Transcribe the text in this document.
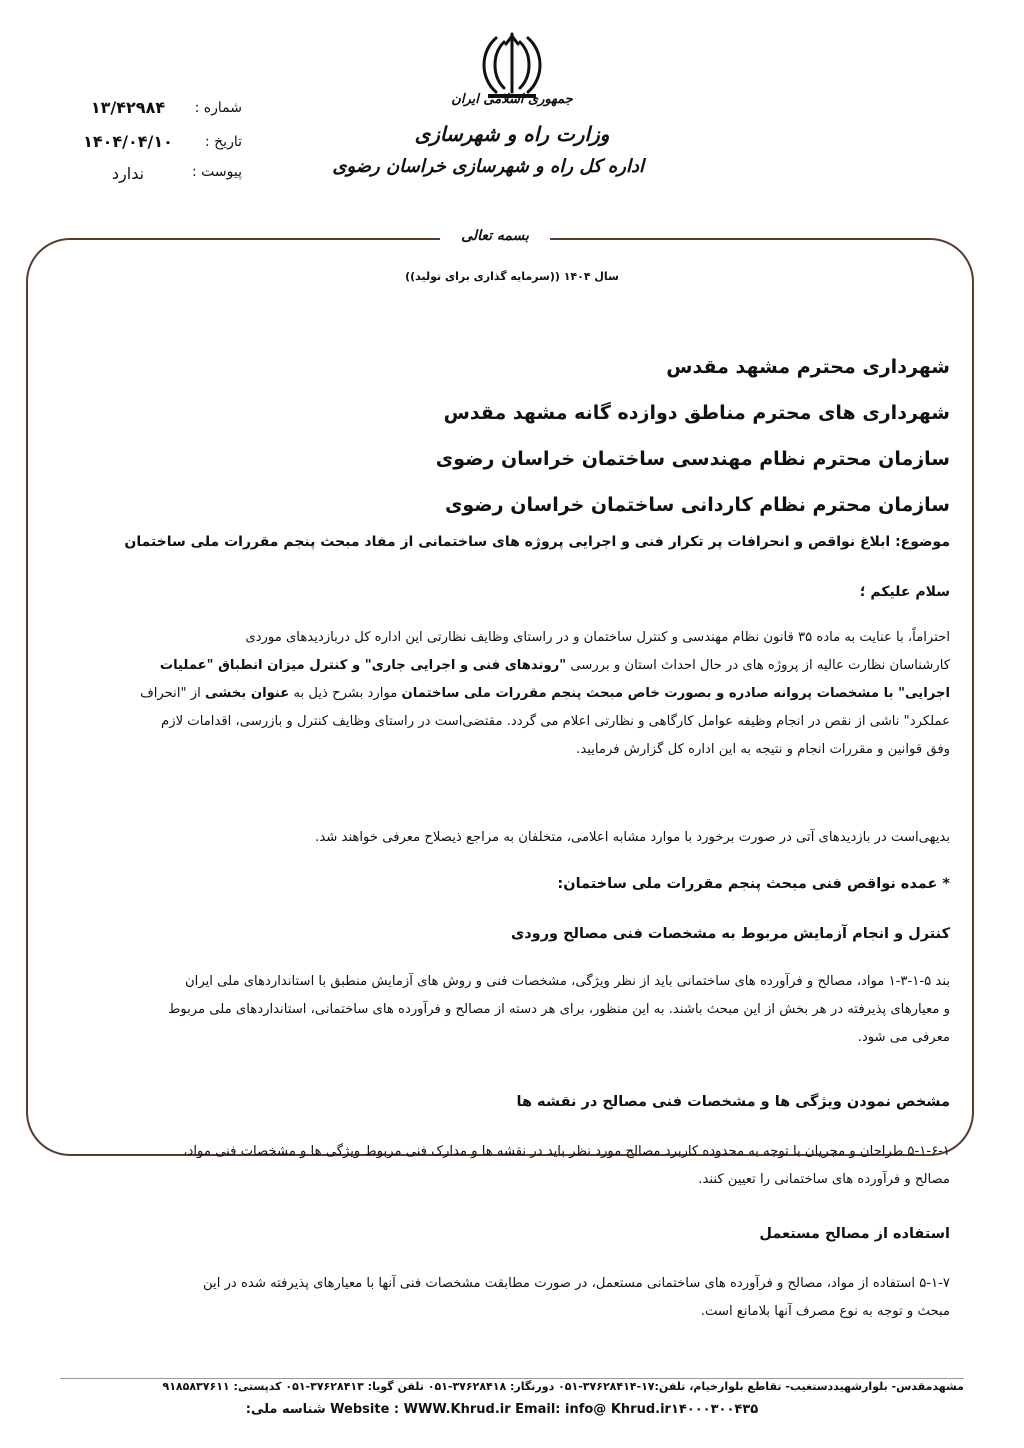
جمهوری اسلامی ایران
وزارت راه و شهرسازی
اداره کل راه و شهرسازی خراسان رضوی
شماره :
۱۳/۴۲۹۸۴
تاریخ :
۱۴۰۴/۰۴/۱۰
پیوست :
ندارد
بسمه تعالی
سال ۱۴۰۴ ((سرمایه گذاری برای تولید))
شهرداری محترم مشهد مقدس
شهرداری های محترم مناطق دوازده گانه مشهد مقدس
سازمان محترم نظام مهندسی ساختمان خراسان رضوی
سازمان محترم نظام کاردانی ساختمان خراسان رضوی
موضوع: ابلاغ نواقص و انحرافات پر تکرار فنی و اجرایی پروژه های ساختمانی از مفاد مبحث پنجم مقررات ملی ساختمان
سلام علیکم ؛
احتراماً، با عنایت به ماده ۳۵ قانون نظام مهندسی و کنترل ساختمان و در راستای وظایف نظارتی این اداره کل دربازدیدهای موردی
کارشناسان نظارت عالیه از پروژه های در حال احداث استان و بررسی "روندهای فنی و اجرایی جاری" و کنترل میزان انطباق "عملیات
اجرایی" با مشخصات پروانه صادره و بصورت خاص مبحث پنجم مقررات ملی ساختمان موارد بشرح ذیل به عنوان بخشی از "انحراف
عملکرد" ناشی از نقص در انجام وظیفه عوامل کارگاهی و نظارتی اعلام می گردد. مقتضی‌است در راستای وظایف کنترل و بازرسی، اقدامات لازم
وفق قوانین و مقررات انجام و نتیجه به این اداره کل گزارش فرمایید.
بدیهی‌است در بازدیدهای آتی در صورت برخورد با موارد مشابه اعلامی، متخلفان به مراجع ذیصلاح معرفی خواهند شد.
* عمده نواقص فنی مبحث پنجم مقررات ملی ساختمان:
کنترل و انجام آزمایش مربوط به مشخصات فنی مصالح ورودی
بند ۵-۱-۳-۱ مواد، مصالح و فرآورده های ساختمانی باید از نظر ویژگی، مشخصات فنی و روش های آزمایش منطبق با استانداردهای ملی ایران
و معیارهای پذیرفته در هر بخش از این مبحث باشند. به این منظور، برای هر دسته از مصالح و فرآورده های ساختمانی، استانداردهای ملی مربوط
معرفی می شود.
مشخص نمودن ویژگی ها و مشخصات فنی مصالح در نقشه ها
۵-۱-۶-۱ طراحان و مجریان با توجه به محدوده کاربرد مصالح مورد نظر باید در نقشه ها و مدارک فنی مربوط ویژگی ها و مشخصات فنی مواد،
مصالح و فرآورده های ساختمانی را تعیین کنند.
استفاده از مصالح مستعمل
۵-۱-۷ استفاده از مواد، مصالح و فرآورده های ساختمانی مستعمل، در صورت مطابقت مشخصات فنی آنها با معیارهای پذیرفته شده در این
مبحث و توجه به نوع مصرف آنها بلامانع است.
مشهدمقدس- بلوارشهیددستغیب- تقاطع بلوارخیام، تلفن:۱۷-۳۷۶۲۸۴۱۴-۰۵۱ دورنگار: ۳۷۶۲۸۴۱۸-۰۵۱ تلفن گویا: ۳۷۶۲۸۴۱۳-۰۵۱ کدپستی: ۹۱۸۵۸۳۷۶۱۱
Website : WWW.Khrud.ir Email: info@ Khrud.ir۱۴۰۰۰۳۰۰۴۳۵ شناسه ملی:
